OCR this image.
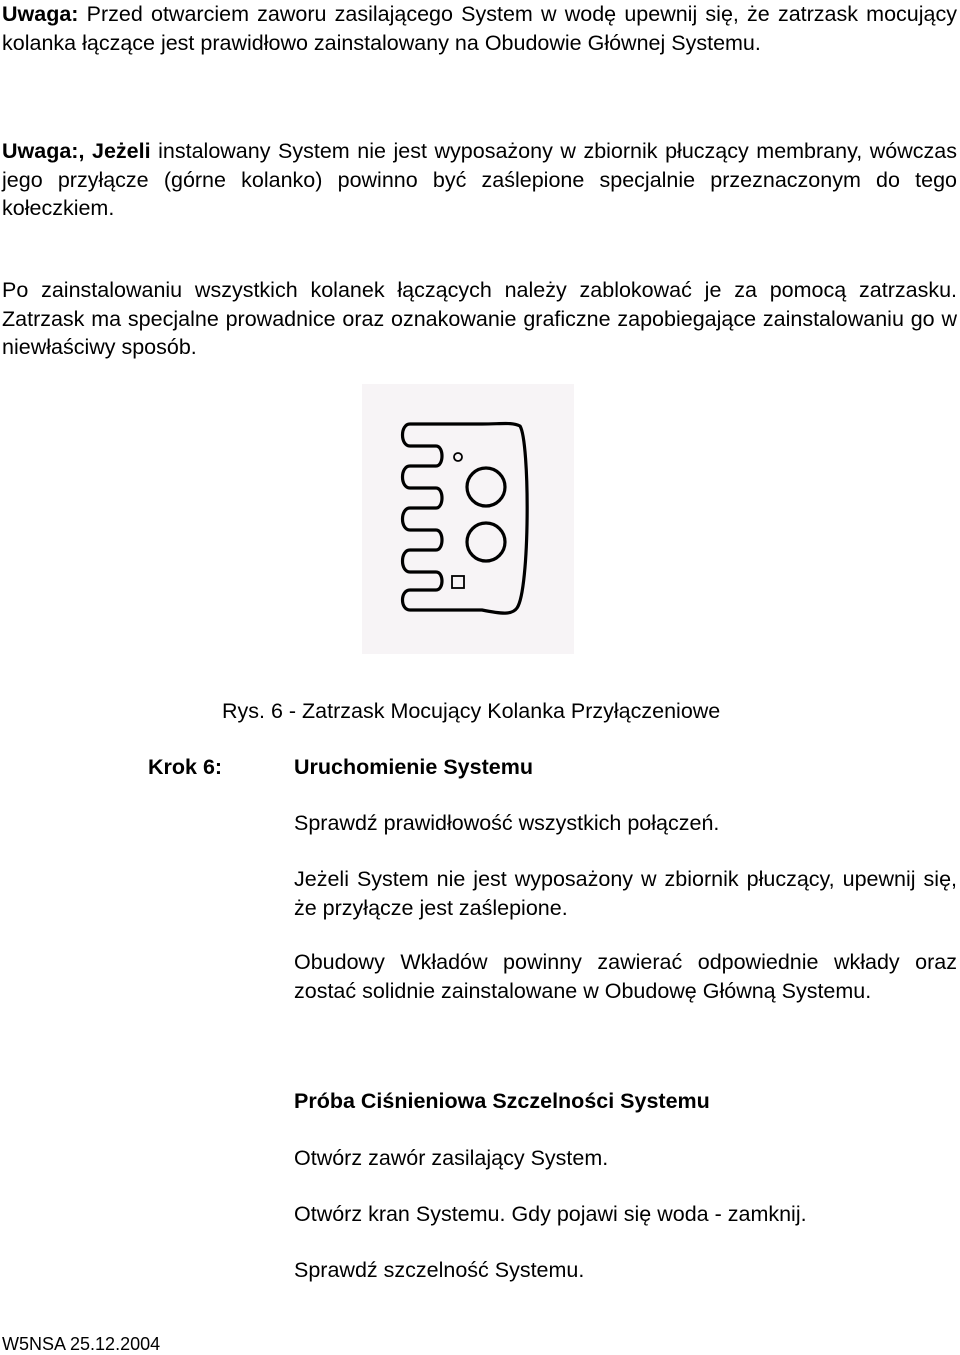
Uwaga: Przed otwarciem zaworu zasilającego System w wodę upewnij się, że zatrzask mocujący kolanka łączące jest prawidłowo zainstalowany na Obudowie Głównej Systemu.
Uwaga:, Jeżeli instalowany System nie jest wyposażony w zbiornik płuczący membrany, wówczas jego przyłącze (górne kolanko) powinno być zaślepione specjalnie przeznaczonym do tego kołeczkiem.
Po zainstalowaniu wszystkich kolanek łączących należy zablokować je za pomocą zatrzasku. Zatrzask ma specjalne prowadnice oraz oznakowanie graficzne zapobiegające zainstalowaniu go w niewłaściwy sposób.
Rys. 6 - Zatrzask Mocujący Kolanka Przyłączeniowe
Krok 6:	Uruchomienie Systemu
Sprawdź prawidłowość wszystkich połączeń.
Jeżeli System nie jest wyposażony w zbiornik płuczący, upewnij się, że przyłącze jest zaślepione.
Obudowy Wkładów powinny zawierać odpowiednie wkłady oraz zostać solidnie zainstalowane w Obudowę Główną Systemu.
Próba Ciśnieniowa Szczelności Systemu
Otwórz zawór zasilający System.
Otwórz kran Systemu. Gdy pojawi się woda - zamknij.
Sprawdź szczelność Systemu.
W5NSA 25.12.2004
